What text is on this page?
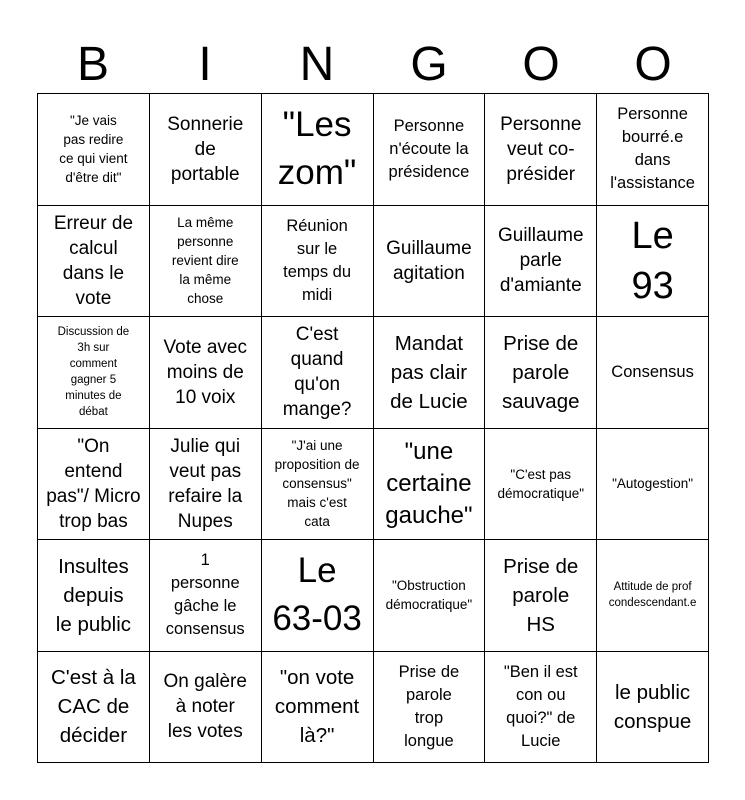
B	I	N	G	O	O
"Je vais
pas redire
ce qui vient
d'être dit"
Sonnerie
de
portable
"Les
zom"
Personne
n'écoute la
présidence
Personne
veut co-
présider
Personne
bourré.e
dans
l'assistance
Erreur de
calcul
dans le
vote
La même
personne
revient dire
la même
chose
Réunion
sur le
temps du
midi
Guillaume
agitation
Guillaume
parle
d'amiante
Le
93
Discussion de
3h sur
comment
gagner 5
minutes de
débat
Vote avec
moins de
10 voix
C'est
quand
qu'on
mange?
Mandat
pas clair
de Lucie
Prise de
parole
sauvage
Consensus
"On
entend
pas"/ Micro
trop bas
Julie qui
veut pas
refaire la
Nupes
"J'ai une
proposition de
consensus"
mais c'est
cata
"une
certaine
gauche"
"C'est pas
démocratique"
"Autogestion"
Insultes
depuis
le public
1
personne
gâche le
consensus
Le
63-03
"Obstruction
démocratique"
Prise de
parole
HS
Attitude de prof
condescendant.e
C'est à la
CAC de
décider
On galère
à noter
les votes
"on vote
comment
là?"
Prise de
parole
trop
longue
"Ben il est
con ou
quoi?" de
Lucie
le public
conspue
